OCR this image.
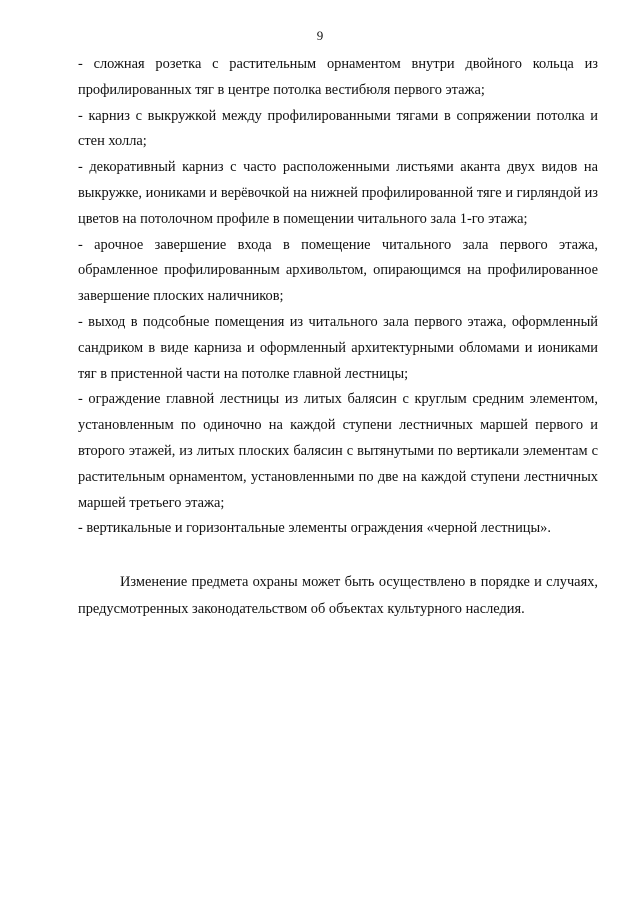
9

- сложная розетка с растительным орнаментом внутри двойного кольца из профилированных тяг в центре потолка вестибюля первого этажа;

- карниз с выкружкой между профилированными тягами в сопряжении потолка и стен холла;

- декоративный карниз с часто расположенными листьями аканта двух видов на выкружке, иониками и верёвочкой на нижней профилированной тяге и гирляндой из цветов на потолочном профиле в помещении читального зала 1-го этажа;

- арочное завершение входа в помещение читального зала первого этажа, обрамленное профилированным архивольтом, опирающимся на профилированное завершение плоских наличников;

- выход в подсобные помещения из читального зала первого этажа, оформленный сандриком в виде карниза и оформленный архитектурными обломами и иониками тяг в пристенной части на потолке главной лестницы;

- ограждение главной лестницы из литых балясин с круглым средним элементом, установленным по одиночно на каждой ступени лестничных маршей первого и второго этажей, из литых плоских балясин с вытянутыми по вертикали элементам с растительным орнаментом, установленными по две на каждой ступени лестничных маршей третьего этажа;

- вертикальные и горизонтальные элементы ограждения «черной лестницы».

Изменение предмета охраны может быть осуществлено в порядке и случаях, предусмотренных законодательством об объектах культурного наследия.
